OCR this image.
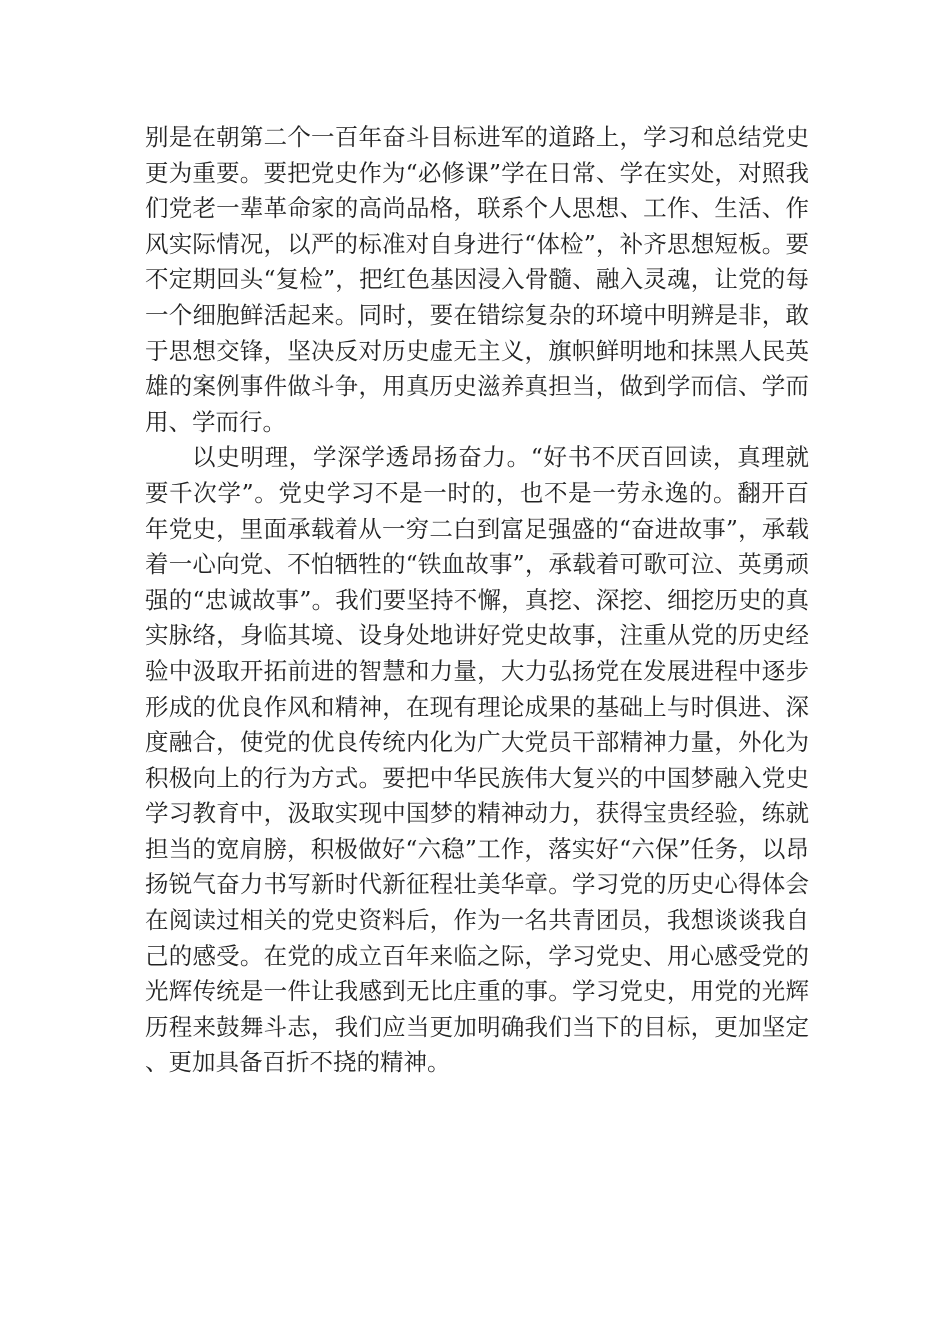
别是在朝第二个一百年奋斗目标进军的道路上，学习和总结党史更为重要。要把党史作为“必修课”学在日常、学在实处，对照我们党老一辈革命家的高尚品格，联系个人思想、工作、生活、作风实际情况，以严的标准对自身进行“体检”，补齐思想短板。要不定期回头“复检”，把红色基因浸入骨髓、融入灵魂，让党的每一个细胞鲜活起来。同时，要在错综复杂的环境中明辨是非，敢于思想交锋，坚决反对历史虚无主义，旗帜鲜明地和抹黑人民英雄的案例事件做斗争，用真历史滋养真担当，做到学而信、学而用、学而行。

以史明理，学深学透昂扬奋力。“好书不厌百回读，真理就要千次学”。党史学习不是一时的，也不是一劳永逸的。翻开百年党史，里面承载着从一穷二白到富足强盛的“奋进故事”，承载着一心向党、不怕牺牲的“铁血故事”，承载着可歌可泣、英勇顽强的“忠诚故事”。我们要坚持不懈，真挖、深挖、细挖历史的真实脉络，身临其境、设身处地讲好党史故事，注重从党的历史经验中汲取开拓前进的智慧和力量，大力弘扬党在发展进程中逐步形成的优良作风和精神，在现有理论成果的基础上与时俱进、深度融合，使党的优良传统内化为广大党员干部精神力量，外化为积极向上的行为方式。要把中华民族伟大复兴的中国梦融入党史学习教育中，汲取实现中国梦的精神动力，获得宝贵经验，练就担当的宽肩膀，积极做好“六稳”工作，落实好“六保”任务，以昂扬锐气奋力书写新时代新征程壮美华章。学习党的历史心得体会在阅读过相关的党史资料后，作为一名共青团员，我想谈谈我自己的感受。在党的成立百年来临之际，学习党史、用心感受党的光辉传统是一件让我感到无比庄重的事。学习党史，用党的光辉历程来鼓舞斗志，我们应当更加明确我们当下的目标，更加坚定、更加具备百折不挠的精神。
